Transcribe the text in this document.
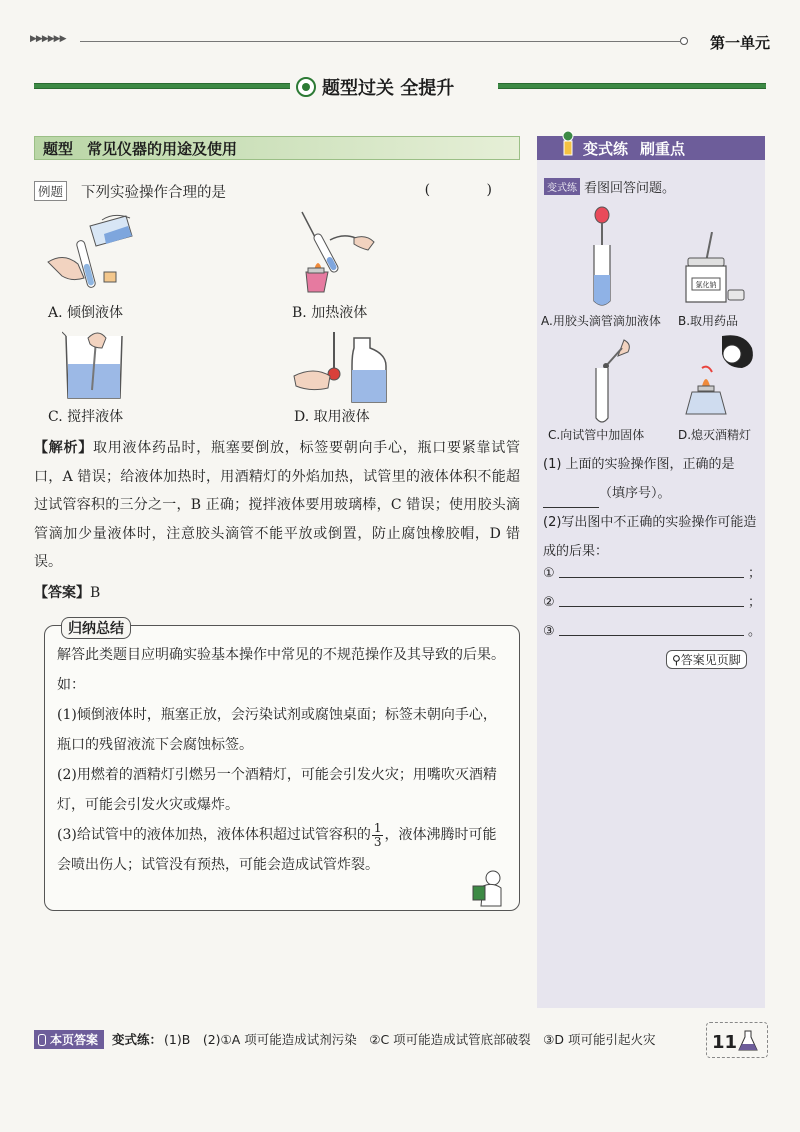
▶▶▶▶▶▶	第一单元
题型过关 全提升
题型 常见仪器的用途及使用
例题 下列实验操作合理的是	( )
A. 倾倒液体	B. 加热液体
C. 搅拌液体	D. 取用液体
【解析】取用液体药品时，瓶塞要倒放，标签要朝向手心，瓶口要紧靠试管口，A 错误；给液体加热时，用酒精灯的外焰加热，试管里的液体体积不能超过试管容积的三分之一，B 正确；搅拌液体要用玻璃棒，C 错误；使用胶头滴管滴加少量液体时，注意胶头滴管不能平放或倒置，防止腐蚀橡胶帽，D 错误。
【答案】B
归纳总结
解答此类题目应明确实验基本操作中常见的不规范操作及其导致的后果。如：
(1)倾倒液体时，瓶塞正放，会污染试剂或腐蚀桌面；标签未朝向手心，瓶口的残留液流下会腐蚀标签。
(2)用燃着的酒精灯引燃另一个酒精灯，可能会引发火灾；用嘴吹灭酒精灯，可能会引发火灾或爆炸。
(3)给试管中的液体加热，液体体积超过试管容积的 $\frac{1}{3}$ ，液体沸腾时可能会喷出伤人；试管没有预热，可能会造成试管炸裂。
变式练 刷重点
变式练 看图回答问题。
A.用胶头滴管滴加液体
氯化钠
B.取用药品
C.向试管中加固体	D.熄灭酒精灯
(1) 上面的实验操作图，正确的是
（填序号）。
(2)写出图中不正确的实验操作可能造成的后果：
①	；
②	；
③	。
⚲答案见页脚
本页答案	变式练： (1)B　(2)①A 项可能造成试剂污染　②C 项可能造成试管底部破裂　③D 项可能引起火灾	11
